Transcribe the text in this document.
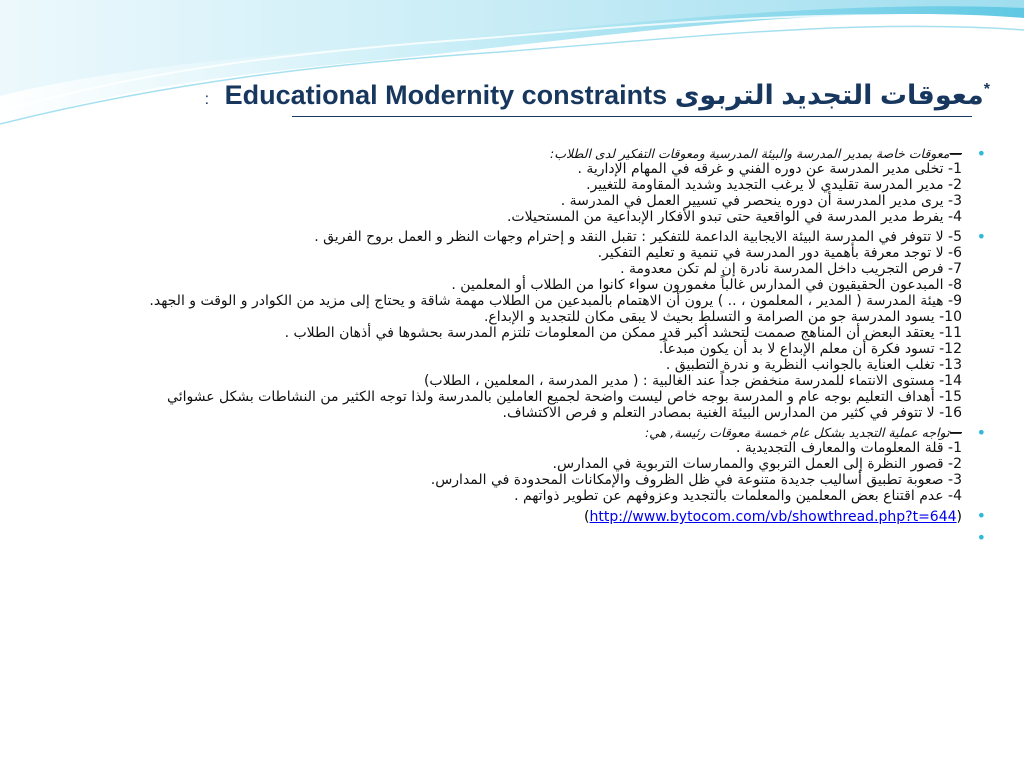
*معوقات التجديد التربوى Educational Modernity constraints :
• —معوقات خاصة بمدير المدرسة والبيئة المدرسية ومعوقات التفكير لدى الطلاب:
1- تخلى مدير المدرسة عن دوره الفني و غرقه في المهام الإدارية .
2- مدير المدرسة تقليدي لا يرغب التجديد وشديد المقاومة للتغيير.
3- يرى مدير المدرسة أن دوره ينحصر في تسيير العمل في المدرسة .
4- يفرط مدير المدرسة في الواقعية حتى تبدو الأفكار الإبداعية من المستحيلات.
• 5- لا تتوفر في المدرسة البيئة الايجابية الداعمة للتفكير : تقبل النقد و إحترام وجهات النظر و العمل بروح الفريق .
6- لا توجد معرفة بأهمية دور المدرسة في تنمية و تعليم التفكير.
7- فرص التجريب داخل المدرسة نادرة إن لم تكن معدومة .
8- المبدعون الحقيقيون في المدارس غالباً مغمورون سواء كانوا من الطلاب أو المعلمين .
9- هيئة المدرسة ( المدير ، المعلمون ، .. ) يرون أن الاهتمام بالمبدعين من الطلاب مهمة شاقة و يحتاج إلى مزيد من الكوادر و الوقت و الجهد.
10- يسود المدرسة جو من الصرامة و التسلط بحيث لا يبقى مكان للتجديد و الإبداع.
11- يعتقد البعض أن المناهج صممت لتحشد أكبر قدر ممكن من المعلومات تلتزم المدرسة بحشوها في أذهان الطلاب .
12- تسود فكرة أن معلم الإبداع لا بد أن يكون مبدعاً.
13- تغلب العناية بالجوانب النظرية و ندرة التطبيق .
14- مستوى الانتماء للمدرسة منخفض جداً عند الغالبية : ( مدير المدرسة ، المعلمين ، الطلاب)
15- أهداف التعليم بوجه عام و المدرسة بوجه خاص ليست واضحة لجميع العاملين بالمدرسة ولذا توجه الكثير من النشاطات بشكل عشوائي
16- لا تتوفر في كثير من المدارس البيئة الغنية بمصادر التعلم و فرص الاكتشاف.
• —تواجه عملية التجديد بشكل عام خمسة معوقات رئيسة, هي:
1- قلة المعلومات والمعارف التجديدية .
2- قصور النظرة إلى العمل التربوي والممارسات التربوية في المدارس.
3- صعوبة تطبيق أساليب جديدة متنوعة في ظل الظروف والإمكانات المحدودة في المدارس.
4- عدم اقتناع بعض المعلمين والمعلمات بالتجديد وعزوفهم عن تطوير ذواتهم .
• (http://www.bytocom.com/vb/showthread.php?t=644)
•
